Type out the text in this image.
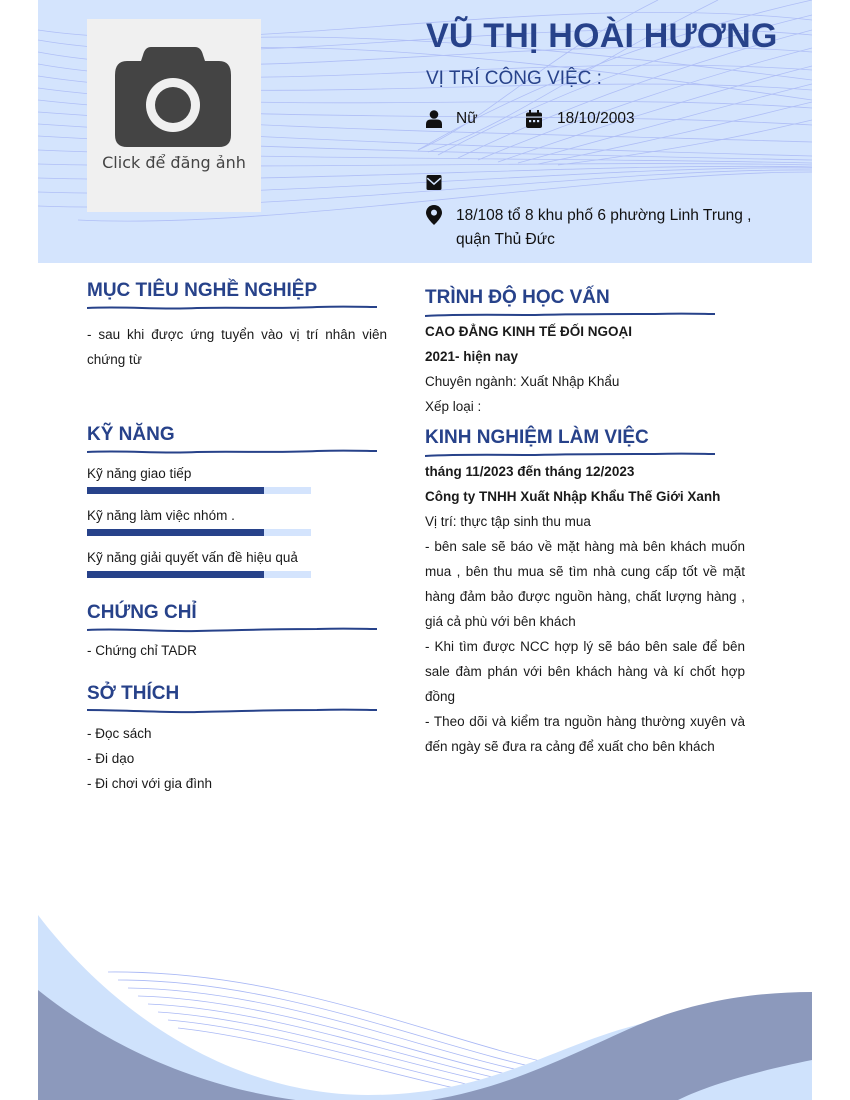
Click để đăng ảnh
VŨ THỊ HOÀI HƯƠNG
VỊ TRÍ CÔNG VIỆC :
Nữ	18/10/2003
18/108 tổ 8 khu phố 6 phường Linh Trung , quận Thủ Đức
MỤC TIÊU NGHỀ NGHIỆP
- sau khi được ứng tuyển vào vị trí nhân viên chứng từ
KỸ NĂNG
Kỹ năng giao tiếp
Kỹ năng làm việc nhóm .
Kỹ năng giải quyết vấn đề hiệu quả
CHỨNG CHỈ
- Chứng chỉ TADR
SỞ THÍCH
- Đọc sách
- Đi dạo
- Đi chơi với gia đình
TRÌNH ĐỘ HỌC VẤN
CAO ĐẲNG KINH TẾ ĐỐI NGOẠI
2021- hiện nay
Chuyên ngành: Xuất Nhập Khẩu
Xếp loại :
KINH NGHIỆM LÀM VIỆC
tháng 11/2023 đến tháng 12/2023
Công ty TNHH Xuất Nhập Khẩu Thế Giới Xanh
Vị trí: thực tập sinh thu mua
- bên sale sẽ báo về mặt hàng mà bên khách muốn mua , bên thu mua sẽ tìm nhà cung cấp tốt về mặt hàng đảm bảo được nguồn hàng, chất lượng hàng , giá cả phù với bên khách
- Khi tìm được NCC hợp lý sẽ báo bên sale để bên sale đàm phán với bên khách hàng và kí chốt hợp đồng
- Theo dõi và kiểm tra nguồn hàng thường xuyên và đến ngày sẽ đưa ra cảng để xuất cho bên khách
